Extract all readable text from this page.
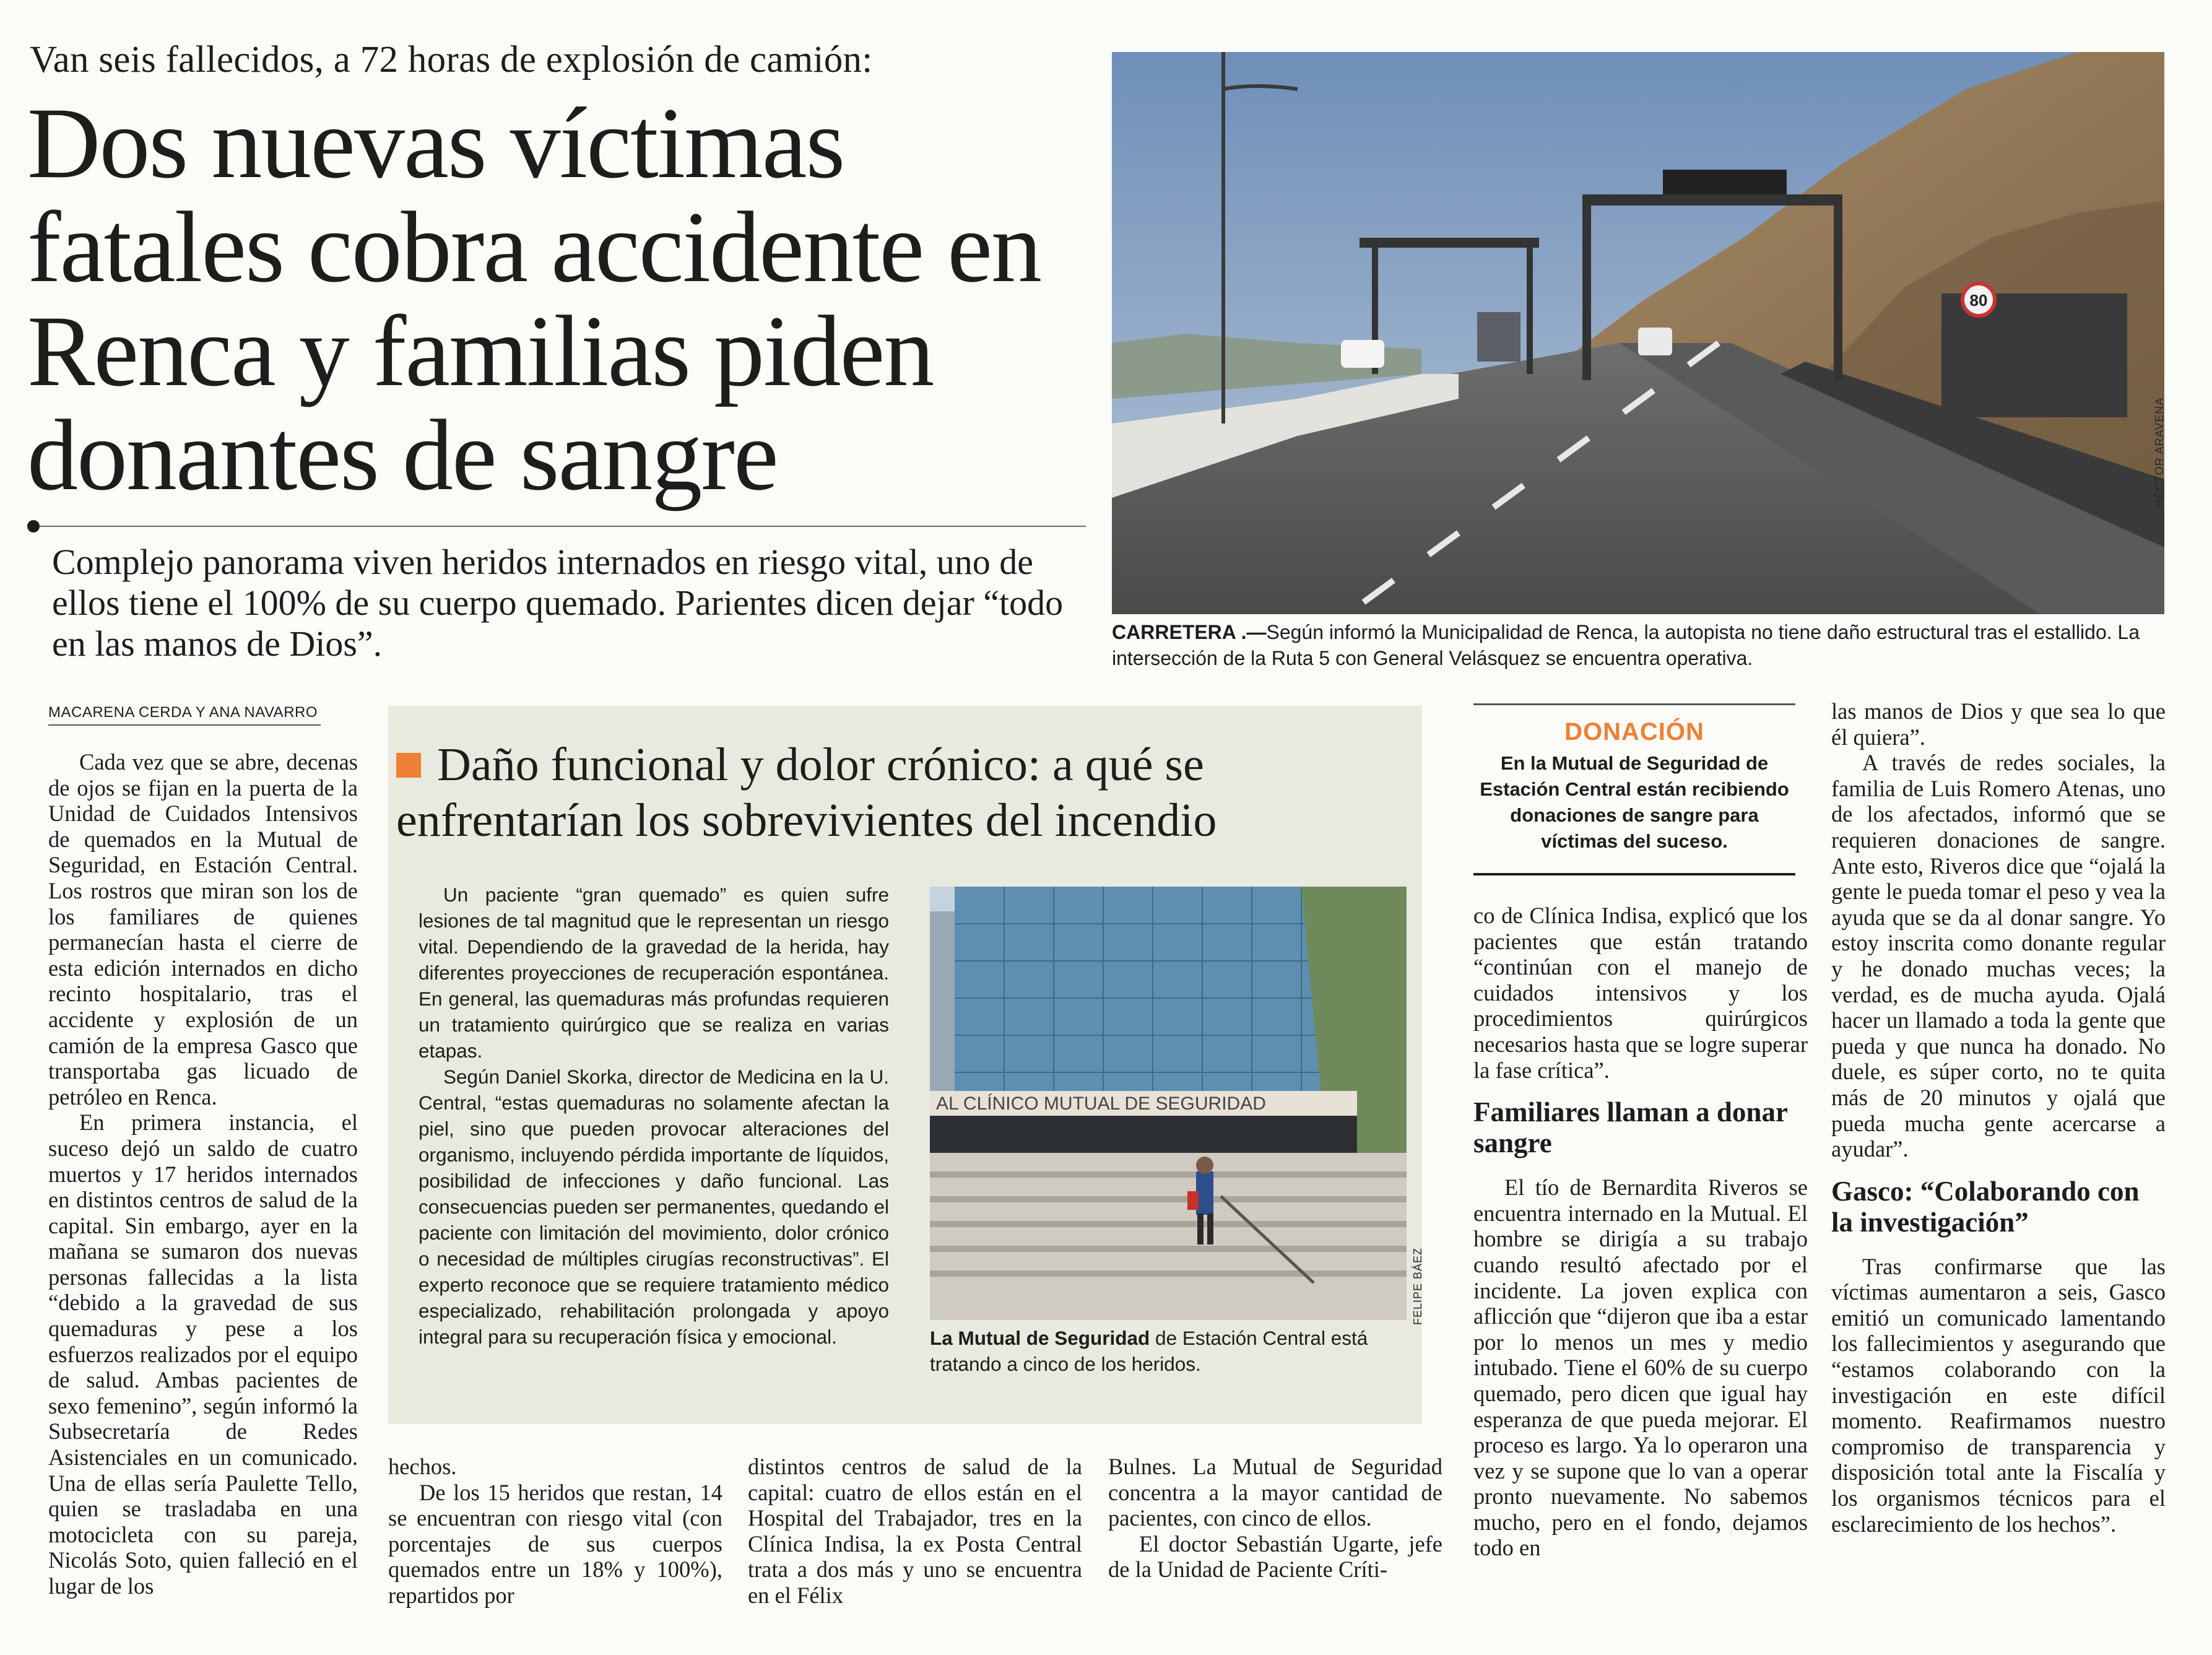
Van seis fallecidos, a 72 horas de explosión de camión:
Dos nuevas víctimas
fatales cobra accidente en
Renca y familias piden
donantes de sangre
Complejo panorama viven heridos internados en riesgo vital, uno de ellos tiene el 100% de su cuerpo quemado. Parientes dicen dejar “todo en las manos de Dios”.
80
HÉCTOR ARAVENA
CARRETERA .—Según informó la Municipalidad de Renca, la autopista no tiene daño estructural tras el estallido. La intersección de la Ruta 5 con General Velásquez se encuentra operativa.
MACARENA CERDA Y ANA NAVARRO

Cada vez que se abre, decenas de ojos se fijan en la puerta de la Unidad de Cuidados Intensivos de quemados en la Mutual de Seguridad, en Estación Central. Los rostros que miran son los de los familiares de quienes permanecían hasta el cierre de esta edición internados en dicho recinto hospitalario, tras el accidente y explosión de un camión de la empresa Gasco que transportaba gas licuado de petróleo en Renca.

En primera instancia, el suceso dejó un saldo de cuatro muertos y 17 heridos internados en distintos centros de salud de la capital. Sin embargo, ayer en la mañana se sumaron dos nuevas personas fallecidas a la lista “debido a la gravedad de sus quemaduras y pese a los esfuerzos realizados por el equipo de salud. Ambas pacientes de sexo femenino”, según informó la Subsecretaría de Redes Asistenciales en un comunicado. Una de ellas sería Paulette Tello, quien se trasladaba en una motocicleta con su pareja, Nicolás Soto, quien falleció en el lugar de los

Daño funcional y dolor crónico: a qué se enfrentarían los sobrevivientes del incendio

Un paciente “gran quemado” es quien sufre lesiones de tal magnitud que le representan un riesgo vital. Dependiendo de la gravedad de la herida, hay diferentes proyecciones de recuperación espontánea. En general, las quemaduras más profundas requieren un tratamiento quirúrgico que se realiza en varias etapas.

Según Daniel Skorka, director de Medicina en la U. Central, “estas quemaduras no solamente afectan la piel, sino que pueden provocar alteraciones del organismo, incluyendo pérdida importante de líquidos, posibilidad de infecciones y daño funcional. Las consecuencias pueden ser permanentes, quedando el paciente con limitación del movimiento, dolor crónico o necesidad de múltiples cirugías reconstructivas”. El experto reconoce que se requiere tratamiento médico especializado, rehabilitación prolongada y apoyo integral para su recuperación física y emocional.

AL CLÍNICO MUTUAL DE SEGURIDAD
FELIPE BÁEZ
La Mutual de Seguridad de Estación Central está tratando a cinco de los heridos.

hechos.

De los 15 heridos que restan, 14 se encuentran con riesgo vital (con porcentajes de sus cuerpos quemados entre un 18% y 100%), repartidos por

distintos centros de salud de la capital: cuatro de ellos están en el Hospital del Trabajador, tres en la Clínica Indisa, la ex Posta Central trata a dos más y uno se encuentra en el Félix

Bulnes. La Mutual de Seguridad concentra a la mayor cantidad de pacientes, con cinco de ellos.

El doctor Sebastián Ugarte, jefe de la Unidad de Paciente Críti-

DONACIÓN
En la Mutual de Seguridad de Estación Central están recibiendo donaciones de sangre para víctimas del suceso.

co de Clínica Indisa, explicó que los pacientes que están tratando “continúan con el manejo de cuidados intensivos y los procedimientos quirúrgicos necesarios hasta que se logre superar la fase crítica”.

Familiares llaman a donar sangre

El tío de Bernardita Riveros se encuentra internado en la Mutual. El hombre se dirigía a su trabajo cuando resultó afectado por el incidente. La joven explica con aflicción que “dijeron que iba a estar por lo menos un mes y medio intubado. Tiene el 60% de su cuerpo quemado, pero dicen que igual hay esperanza de que pueda mejorar. El proceso es largo. Ya lo operaron una vez y se supone que lo van a operar pronto nuevamente. No sabemos mucho, pero en el fondo, dejamos todo en

las manos de Dios y que sea lo que él quiera”.

A través de redes sociales, la familia de Luis Romero Atenas, uno de los afectados, informó que se requieren donaciones de sangre. Ante esto, Riveros dice que “ojalá la gente le pueda tomar el peso y vea la ayuda que se da al donar sangre. Yo estoy inscrita como donante regular y he donado muchas veces; la verdad, es de mucha ayuda. Ojalá hacer un llamado a toda la gente que pueda y que nunca ha donado. No duele, es súper corto, no te quita más de 20 minutos y ojalá que pueda mucha gente acercarse a ayudar”.

Gasco: “Colaborando con la investigación”

Tras confirmarse que las víctimas aumentaron a seis, Gasco emitió un comunicado lamentando los fallecimientos y asegurando que “estamos colaborando con la investigación en este difícil momento. Reafirmamos nuestro compromiso de transparencia y disposición total ante la Fiscalía y los organismos técnicos para el esclarecimiento de los hechos”.
